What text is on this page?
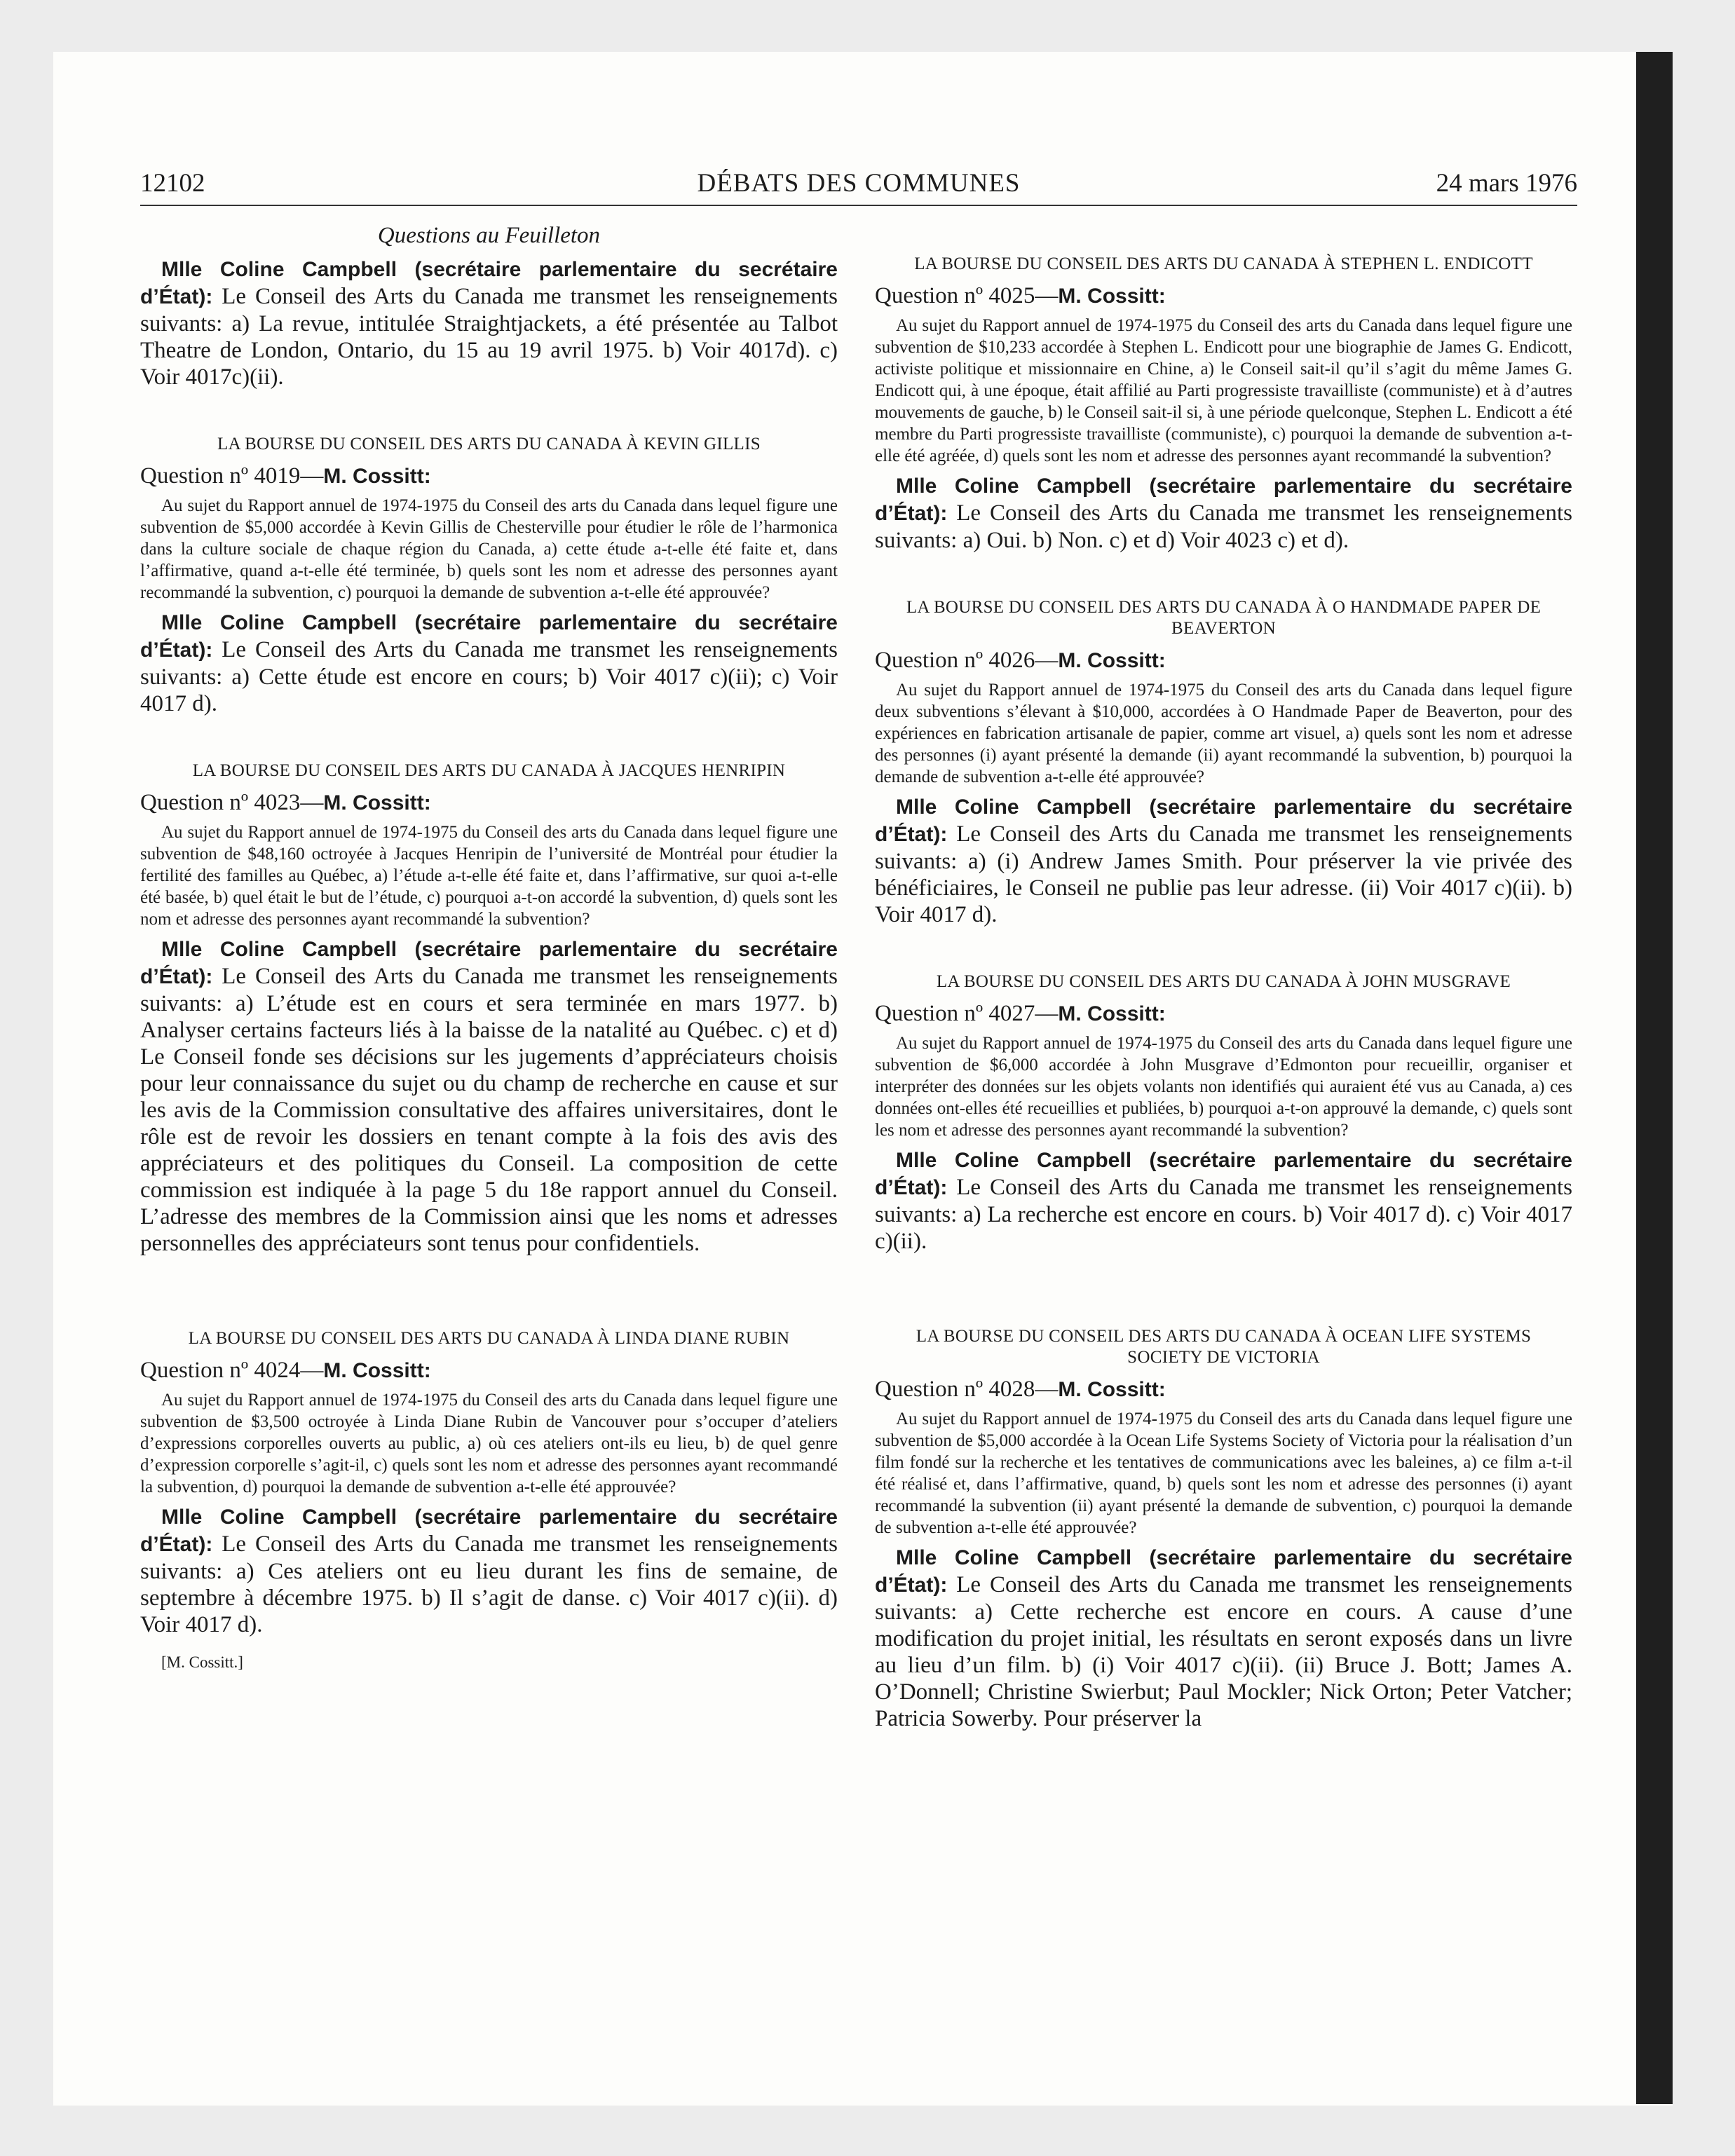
12102	DÉBATS DES COMMUNES	24 mars 1976
Questions au Feuilleton

Mlle Coline Campbell (secrétaire parlementaire du secrétaire d’État): Le Conseil des Arts du Canada me transmet les renseignements suivants: a) La revue, intitulée Straightjackets, a été présentée au Talbot Theatre de London, Ontario, du 15 au 19 avril 1975. b) Voir 4017d). c) Voir 4017c)(ii).

LA BOURSE DU CONSEIL DES ARTS DU CANADA À KEVIN GILLIS
Question nº 4019—M. Cossitt:

Au sujet du Rapport annuel de 1974-1975 du Conseil des arts du Canada dans lequel figure une subvention de $5,000 accordée à Kevin Gillis de Chesterville pour étudier le rôle de l’harmonica dans la culture sociale de chaque région du Canada, a) cette étude a-t-elle été faite et, dans l’affirmative, quand a-t-elle été terminée, b) quels sont les nom et adresse des personnes ayant recommandé la subvention, c) pourquoi la demande de subvention a-t-elle été approuvée?

Mlle Coline Campbell (secrétaire parlementaire du secrétaire d’État): Le Conseil des Arts du Canada me transmet les renseignements suivants: a) Cette étude est encore en cours; b) Voir 4017 c)(ii); c) Voir 4017 d).

LA BOURSE DU CONSEIL DES ARTS DU CANADA À JACQUES HENRIPIN
Question nº 4023—M. Cossitt:

Au sujet du Rapport annuel de 1974-1975 du Conseil des arts du Canada dans lequel figure une subvention de $48,160 octroyée à Jacques Henripin de l’université de Montréal pour étudier la fertilité des familles au Québec, a) l’étude a-t-elle été faite et, dans l’affirmative, sur quoi a-t-elle été basée, b) quel était le but de l’étude, c) pourquoi a-t-on accordé la subvention, d) quels sont les nom et adresse des personnes ayant recommandé la subvention?

Mlle Coline Campbell (secrétaire parlementaire du secrétaire d’État): Le Conseil des Arts du Canada me transmet les renseignements suivants: a) L’étude est en cours et sera terminée en mars 1977. b) Analyser certains facteurs liés à la baisse de la natalité au Québec. c) et d) Le Conseil fonde ses décisions sur les jugements d’appréciateurs choisis pour leur connaissance du sujet ou du champ de recherche en cause et sur les avis de la Commission consultative des affaires universitaires, dont le rôle est de revoir les dossiers en tenant compte à la fois des avis des appréciateurs et des politiques du Conseil. La composition de cette commission est indiquée à la page 5 du 18e rapport annuel du Conseil. L’adresse des membres de la Commission ainsi que les noms et adresses personnelles des appréciateurs sont tenus pour confidentiels.

LA BOURSE DU CONSEIL DES ARTS DU CANADA À LINDA DIANE RUBIN
Question nº 4024—M. Cossitt:

Au sujet du Rapport annuel de 1974-1975 du Conseil des arts du Canada dans lequel figure une subvention de $3,500 octroyée à Linda Diane Rubin de Vancouver pour s’occuper d’ateliers d’expressions corporelles ouverts au public, a) où ces ateliers ont-ils eu lieu, b) de quel genre d’expression corporelle s’agit-il, c) quels sont les nom et adresse des personnes ayant recommandé la subvention, d) pourquoi la demande de subvention a-t-elle été approuvée?

Mlle Coline Campbell (secrétaire parlementaire du secrétaire d’État): Le Conseil des Arts du Canada me transmet les renseignements suivants: a) Ces ateliers ont eu lieu durant les fins de semaine, de septembre à décembre 1975. b) Il s’agit de danse. c) Voir 4017 c)(ii). d) Voir 4017 d).

[M. Cossitt.]
LA BOURSE DU CONSEIL DES ARTS DU CANADA À STEPHEN L. ENDICOTT
Question nº 4025—M. Cossitt:

Au sujet du Rapport annuel de 1974-1975 du Conseil des arts du Canada dans lequel figure une subvention de $10,233 accordée à Stephen L. Endicott pour une biographie de James G. Endicott, activiste politique et missionnaire en Chine, a) le Conseil sait-il qu’il s’agit du même James G. Endicott qui, à une époque, était affilié au Parti progressiste travailliste (communiste) et à d’autres mouvements de gauche, b) le Conseil sait-il si, à une période quelconque, Stephen L. Endicott a été membre du Parti progressiste travailliste (communiste), c) pourquoi la demande de subvention a-t-elle été agréée, d) quels sont les nom et adresse des personnes ayant recommandé la subvention?

Mlle Coline Campbell (secrétaire parlementaire du secrétaire d’État): Le Conseil des Arts du Canada me transmet les renseignements suivants: a) Oui. b) Non. c) et d) Voir 4023 c) et d).

LA BOURSE DU CONSEIL DES ARTS DU CANADA À O HANDMADE PAPER DE BEAVERTON
Question nº 4026—M. Cossitt:

Au sujet du Rapport annuel de 1974-1975 du Conseil des arts du Canada dans lequel figure deux subventions s’élevant à $10,000, accordées à O Handmade Paper de Beaverton, pour des expériences en fabrication artisanale de papier, comme art visuel, a) quels sont les nom et adresse des personnes (i) ayant présenté la demande (ii) ayant recommandé la subvention, b) pourquoi la demande de subvention a-t-elle été approuvée?

Mlle Coline Campbell (secrétaire parlementaire du secrétaire d’État): Le Conseil des Arts du Canada me transmet les renseignements suivants: a) (i) Andrew James Smith. Pour préserver la vie privée des bénéficiaires, le Conseil ne publie pas leur adresse. (ii) Voir 4017 c)(ii). b) Voir 4017 d).

LA BOURSE DU CONSEIL DES ARTS DU CANADA À JOHN MUSGRAVE
Question nº 4027—M. Cossitt:

Au sujet du Rapport annuel de 1974-1975 du Conseil des arts du Canada dans lequel figure une subvention de $6,000 accordée à John Musgrave d’Edmonton pour recueillir, organiser et interpréter des données sur les objets volants non identifiés qui auraient été vus au Canada, a) ces données ont-elles été recueillies et publiées, b) pourquoi a-t-on approuvé la demande, c) quels sont les nom et adresse des personnes ayant recommandé la subvention?

Mlle Coline Campbell (secrétaire parlementaire du secrétaire d’État): Le Conseil des Arts du Canada me transmet les renseignements suivants: a) La recherche est encore en cours. b) Voir 4017 d). c) Voir 4017 c)(ii).

LA BOURSE DU CONSEIL DES ARTS DU CANADA À OCEAN LIFE SYSTEMS SOCIETY DE VICTORIA
Question nº 4028—M. Cossitt:

Au sujet du Rapport annuel de 1974-1975 du Conseil des arts du Canada dans lequel figure une subvention de $5,000 accordée à la Ocean Life Systems Society of Victoria pour la réalisation d’un film fondé sur la recherche et les tentatives de communications avec les baleines, a) ce film a-t-il été réalisé et, dans l’affirmative, quand, b) quels sont les nom et adresse des personnes (i) ayant recommandé la subvention (ii) ayant présenté la demande de subvention, c) pourquoi la demande de subvention a-t-elle été approuvée?

Mlle Coline Campbell (secrétaire parlementaire du secrétaire d’État): Le Conseil des Arts du Canada me transmet les renseignements suivants: a) Cette recherche est encore en cours. A cause d’une modification du projet initial, les résultats en seront exposés dans un livre au lieu d’un film. b) (i) Voir 4017 c)(ii). (ii) Bruce J. Bott; James A. O’Donnell; Christine Swierbut; Paul Mockler; Nick Orton; Peter Vatcher; Patricia Sowerby. Pour préserver la
